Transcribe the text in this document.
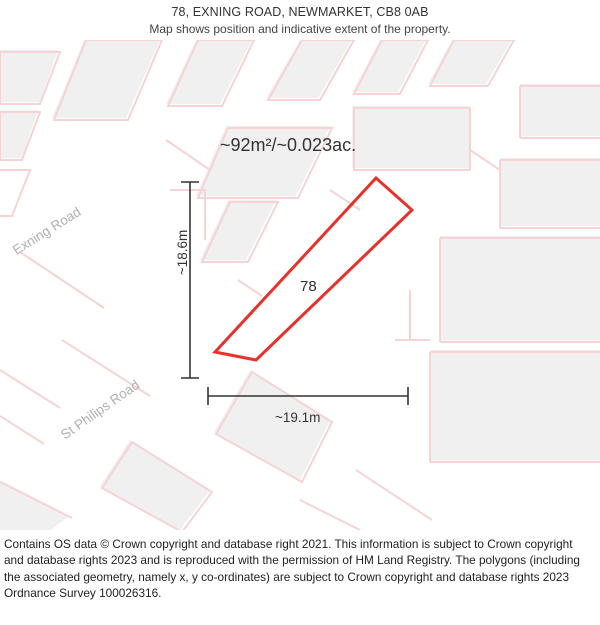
78, EXNING ROAD, NEWMARKET, CB8 0AB

Map shows position and indicative extent of the property.

~92m²/~0.023ac.
78
~18.6m
~19.1m
Exning Road
St Philips Road
Contains OS data © Crown copyright and database right 2021. This information is subject to Crown copyright and database rights 2023 and is reproduced with the permission of HM Land Registry. The polygons (including the associated geometry, namely x, y co-ordinates) are subject to Crown copyright and database rights 2023 Ordnance Survey 100026316.
